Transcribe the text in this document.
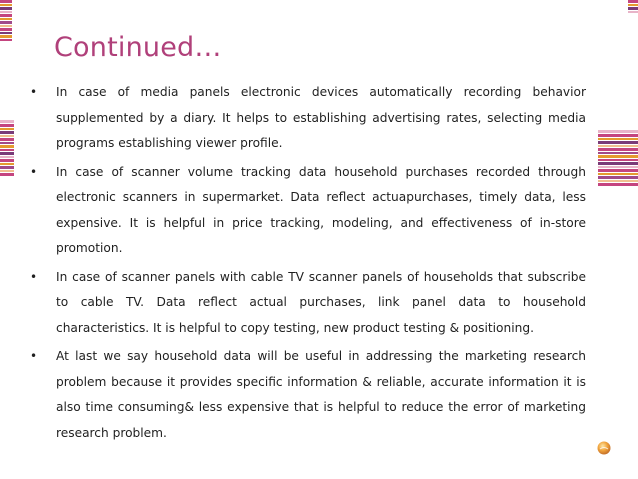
Continued…
• In case of media panels electronic devices automatically recording behavior supplemented by a diary. It helps to establishing advertising rates, selecting media programs establishing viewer profile.
• In case of scanner volume tracking data household purchases recorded through electronic scanners in supermarket. Data reflect actuapurchases, timely data, less expensive. It is helpful in price tracking, modeling, and effectiveness of in-store promotion.
• In case of scanner panels with cable TV scanner panels of households that subscribe to cable TV. Data reflect actual purchases, link panel data to household characteristics. It is helpful to copy testing, new product testing & positioning.
• At last we say household data will be useful in addressing the marketing research problem because it provides specific information & reliable, accurate information it is also time consuming& less expensive that is helpful to reduce the error of marketing research problem.
